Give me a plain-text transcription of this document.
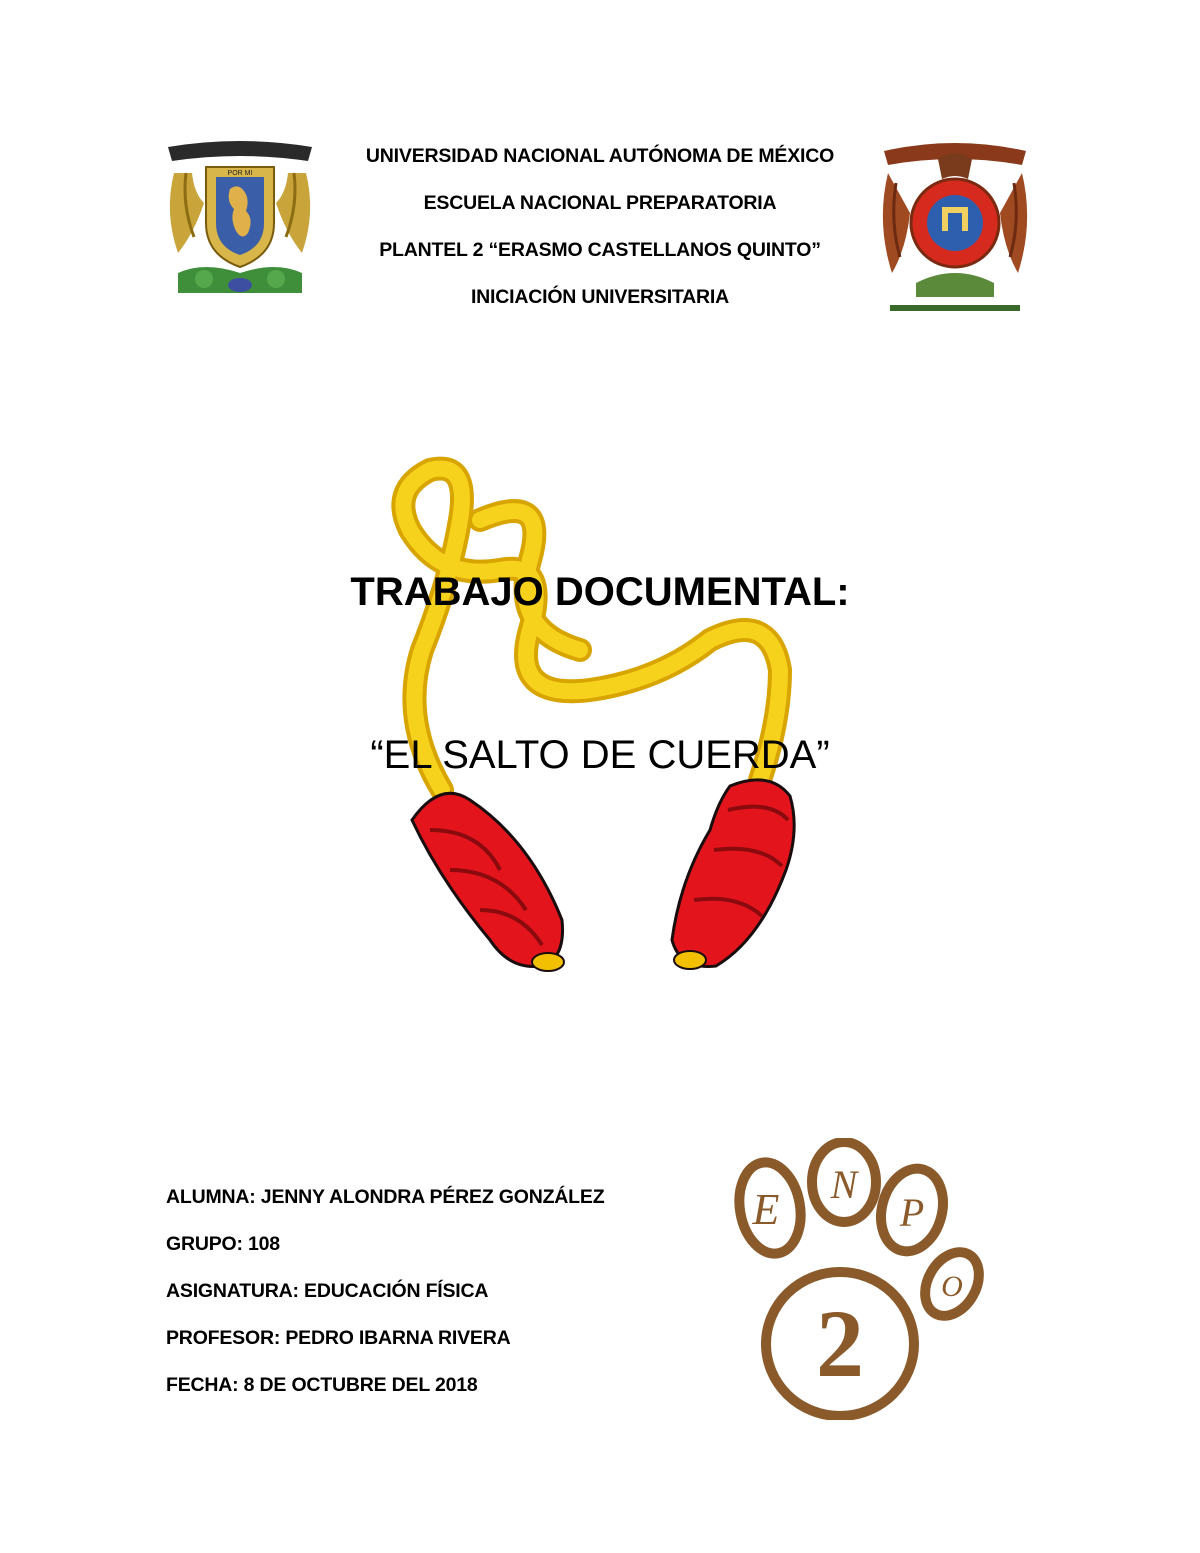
POR MI
UNIVERSIDAD NACIONAL AUTÓNOMA DE MÉXICO
ESCUELA NACIONAL PREPARATORIA
PLANTEL 2 “ERASMO CASTELLANOS QUINTO”
INICIACIÓN UNIVERSITARIA
TRABAJO DOCUMENTAL:
“EL SALTO DE CUERDA”
ALUMNA: JENNY ALONDRA PÉREZ GONZÁLEZ
GRUPO: 108
ASIGNATURA: EDUCACIÓN FÍSICA
PROFESOR: PEDRO IBARNA RIVERA
FECHA: 8 DE OCTUBRE DEL 2018
E
N
P
O
2
